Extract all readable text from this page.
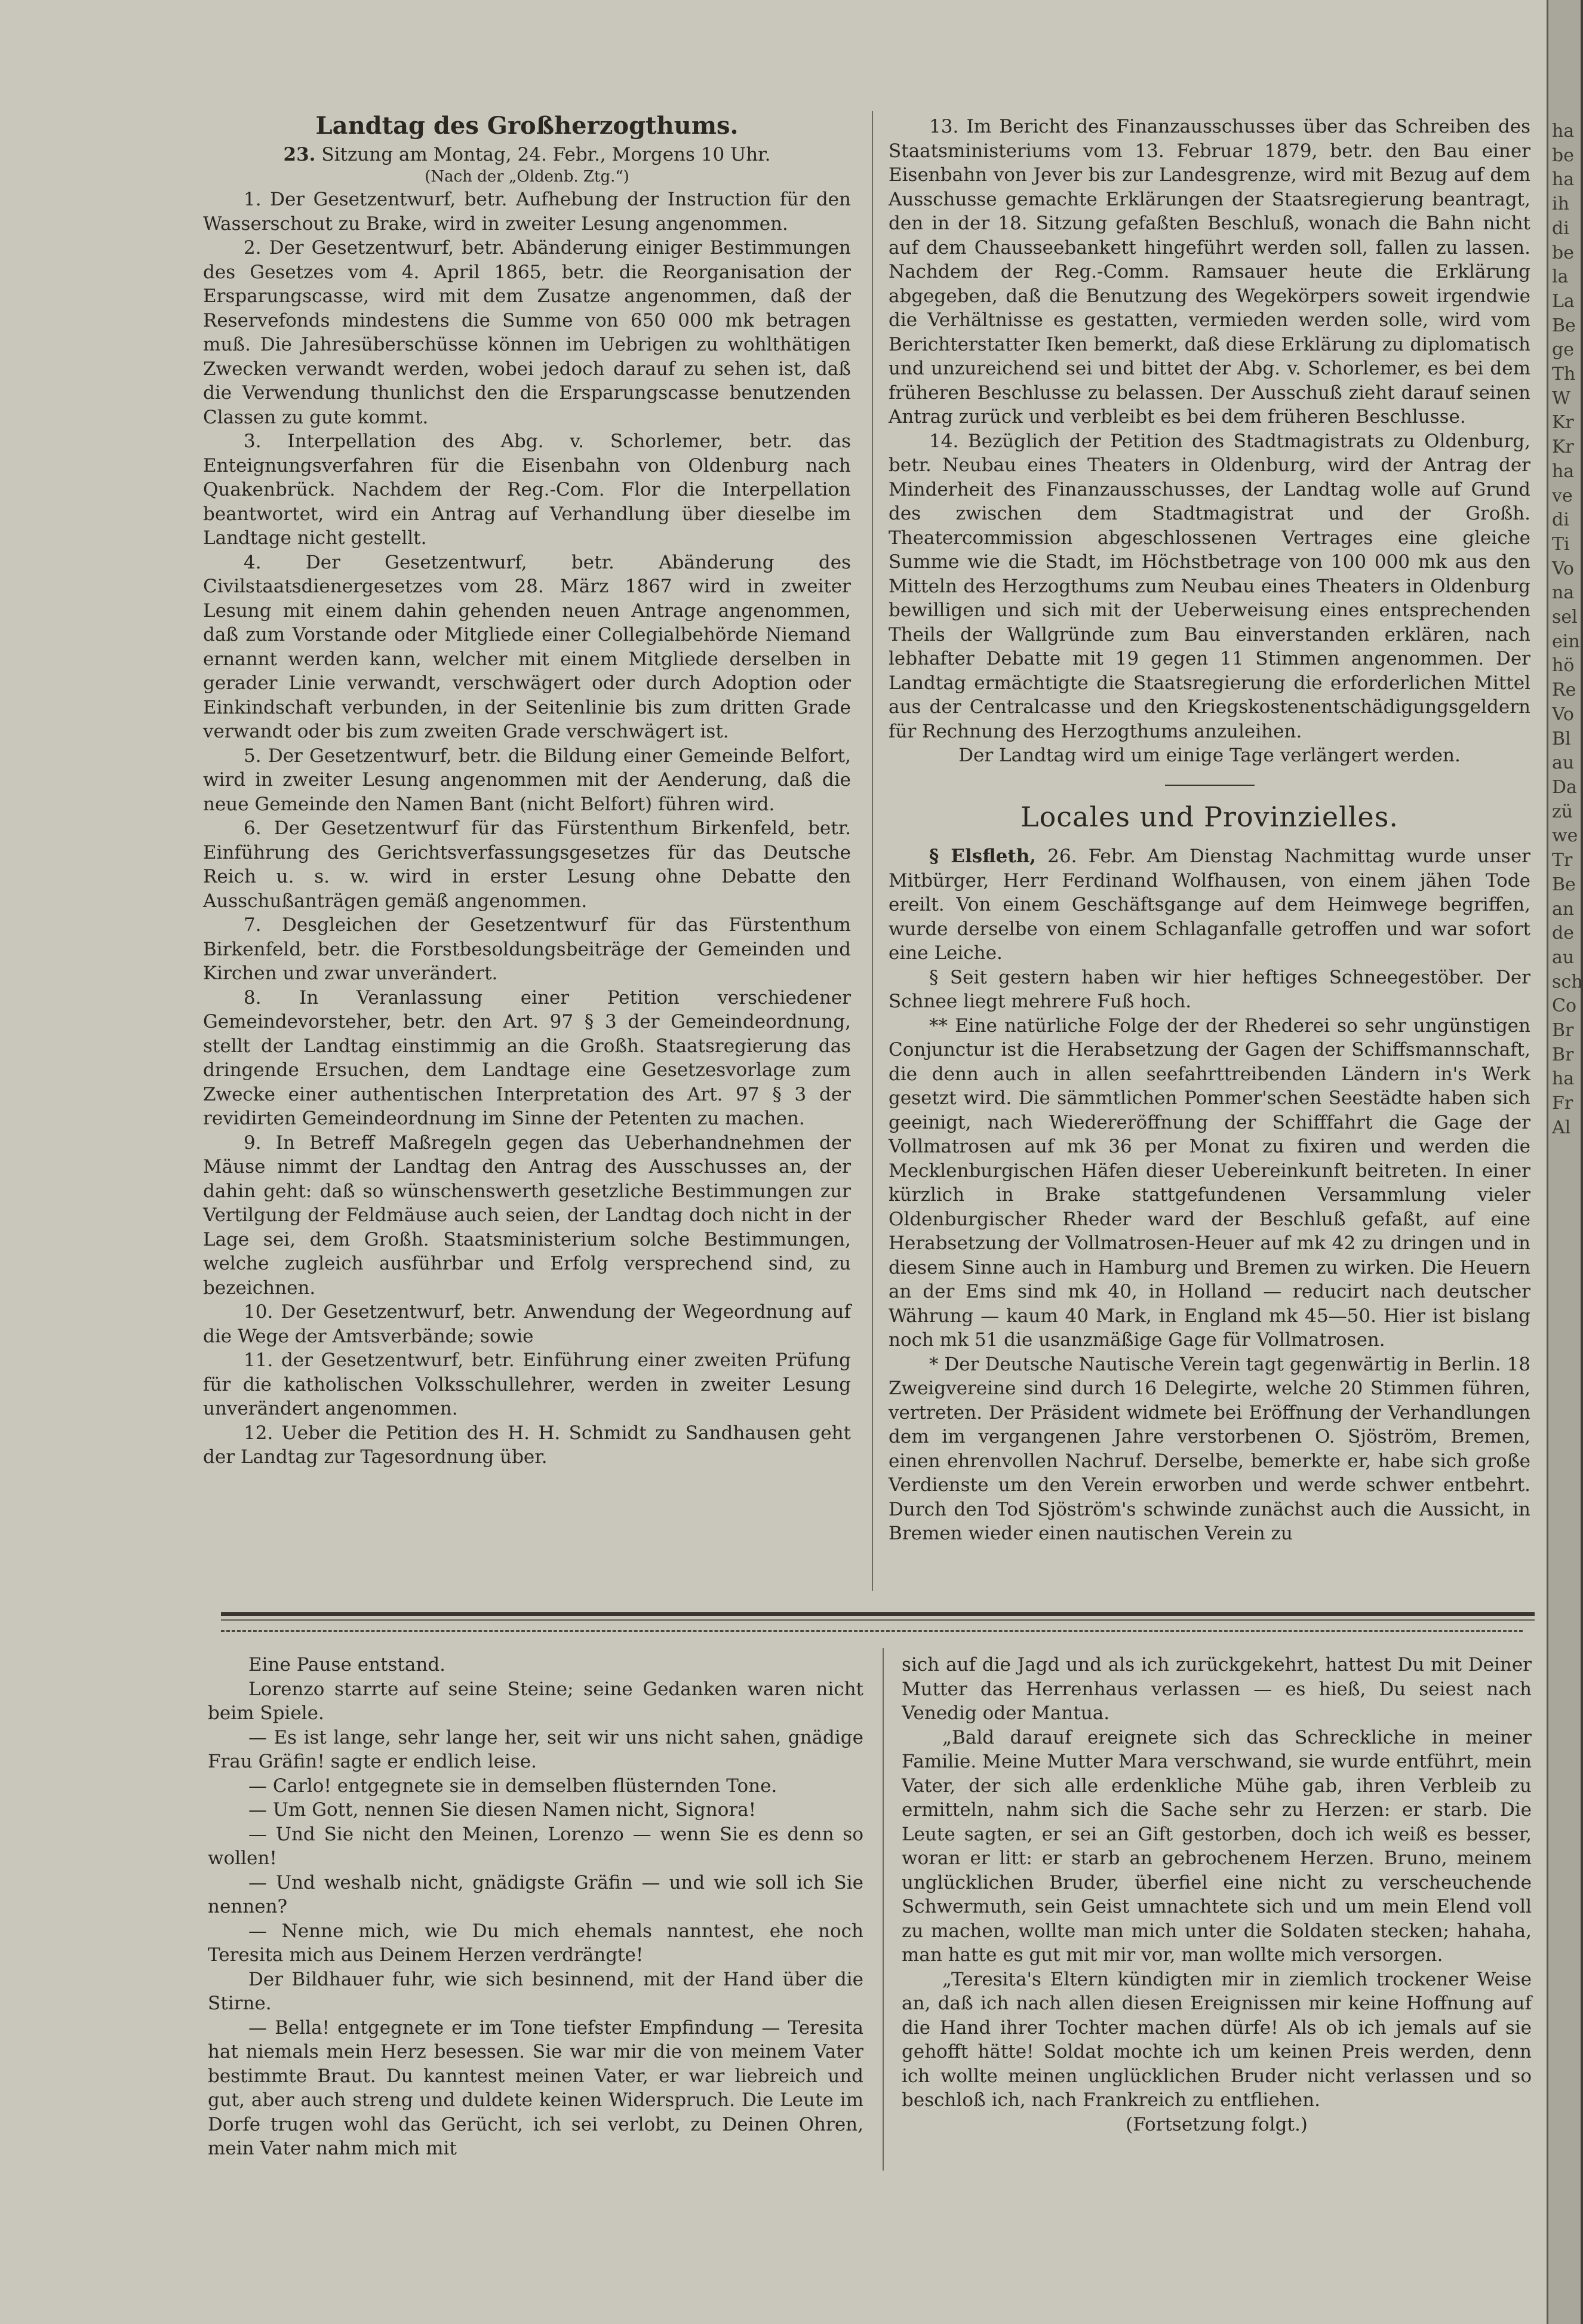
Landtag des Großherzogthums.
23. Sitzung am Montag, 24. Febr., Morgens 10 Uhr.
(Nach der „Oldenb. Ztg.“)

1. Der Gesetzentwurf, betr. Aufhebung der Instruction für den Wasserschout zu Brake, wird in zweiter Lesung angenommen.

2. Der Gesetzentwurf, betr. Abänderung einiger Bestimmungen des Gesetzes vom 4. April 1865, betr. die Reorganisation der Ersparungscasse, wird mit dem Zusatze angenommen, daß der Reservefonds mindestens die Summe von 650 000 mk betragen muß. Die Jahresüberschüsse können im Uebrigen zu wohlthätigen Zwecken verwandt werden, wobei jedoch darauf zu sehen ist, daß die Verwendung thunlichst den die Ersparungscasse benutzenden Classen zu gute kommt.

3. Interpellation des Abg. v. Schorlemer, betr. das Enteignungsverfahren für die Eisenbahn von Oldenburg nach Quakenbrück. Nachdem der Reg.-Com. Flor die Interpellation beantwortet, wird ein Antrag auf Verhandlung über dieselbe im Landtage nicht gestellt.

4. Der Gesetzentwurf, betr. Abänderung des Civilstaatsdienergesetzes vom 28. März 1867 wird in zweiter Lesung mit einem dahin gehenden neuen Antrage angenommen, daß zum Vorstande oder Mitgliede einer Collegialbehörde Niemand ernannt werden kann, welcher mit einem Mitgliede derselben in gerader Linie verwandt, verschwägert oder durch Adoption oder Einkindschaft verbunden, in der Seitenlinie bis zum dritten Grade verwandt oder bis zum zweiten Grade verschwägert ist.

5. Der Gesetzentwurf, betr. die Bildung einer Gemeinde Belfort, wird in zweiter Lesung angenommen mit der Aenderung, daß die neue Gemeinde den Namen Bant (nicht Belfort) führen wird.

6. Der Gesetzentwurf für das Fürstenthum Birkenfeld, betr. Einführung des Gerichtsverfassungsgesetzes für das Deutsche Reich u. s. w. wird in erster Lesung ohne Debatte den Ausschußanträgen gemäß angenommen.

7. Desgleichen der Gesetzentwurf für das Fürstenthum Birkenfeld, betr. die Forstbesoldungsbeiträge der Gemeinden und Kirchen und zwar unverändert.

8. In Veranlassung einer Petition verschiedener Gemeindevorsteher, betr. den Art. 97 § 3 der Gemeindeordnung, stellt der Landtag einstimmig an die Großh. Staatsregierung das dringende Ersuchen, dem Landtage eine Gesetzesvorlage zum Zwecke einer authentischen Interpretation des Art. 97 § 3 der revidirten Gemeindeordnung im Sinne der Petenten zu machen.

9. In Betreff Maßregeln gegen das Ueberhandnehmen der Mäuse nimmt der Landtag den Antrag des Ausschusses an, der dahin geht: daß so wünschenswerth gesetzliche Bestimmungen zur Vertilgung der Feldmäuse auch seien, der Landtag doch nicht in der Lage sei, dem Großh. Staatsministerium solche Bestimmungen, welche zugleich ausführbar und Erfolg versprechend sind, zu bezeichnen.

10. Der Gesetzentwurf, betr. Anwendung der Wegeordnung auf die Wege der Amtsverbände; sowie

11. der Gesetzentwurf, betr. Einführung einer zweiten Prüfung für die katholischen Volksschullehrer, werden in zweiter Lesung unverändert angenommen.

12. Ueber die Petition des H. H. Schmidt zu Sandhausen geht der Landtag zur Tagesordnung über.

13. Im Bericht des Finanzausschusses über das Schreiben des Staatsministeriums vom 13. Februar 1879, betr. den Bau einer Eisenbahn von Jever bis zur Landesgrenze, wird mit Bezug auf dem Ausschusse gemachte Erklärungen der Staatsregierung beantragt, den in der 18. Sitzung gefaßten Beschluß, wonach die Bahn nicht auf dem Chausseebankett hingeführt werden soll, fallen zu lassen. Nachdem der Reg.-Comm. Ramsauer heute die Erklärung abgegeben, daß die Benutzung des Wegekörpers soweit irgendwie die Verhältnisse es gestatten, vermieden werden solle, wird vom Berichterstatter Iken bemerkt, daß diese Erklärung zu diplomatisch und unzureichend sei und bittet der Abg. v. Schorlemer, es bei dem früheren Beschlusse zu belassen. Der Ausschuß zieht darauf seinen Antrag zurück und verbleibt es bei dem früheren Beschlusse.

14. Bezüglich der Petition des Stadtmagistrats zu Oldenburg, betr. Neubau eines Theaters in Oldenburg, wird der Antrag der Minderheit des Finanzausschusses, der Landtag wolle auf Grund des zwischen dem Stadtmagistrat und der Großh. Theatercommission abgeschlossenen Vertrages eine gleiche Summe wie die Stadt, im Höchstbetrage von 100 000 mk aus den Mitteln des Herzogthums zum Neubau eines Theaters in Oldenburg bewilligen und sich mit der Ueberweisung eines entsprechenden Theils der Wallgründe zum Bau einverstanden erklären, nach lebhafter Debatte mit 19 gegen 11 Stimmen angenommen. Der Landtag ermächtigte die Staatsregierung die erforderlichen Mittel aus der Centralcasse und den Kriegskostenentschädigungsgeldern für Rechnung des Herzogthums anzuleihen.

Der Landtag wird um einige Tage verlängert werden.

Locales und Provinzielles.

§ Elsfleth, 26. Febr. Am Dienstag Nachmittag wurde unser Mitbürger, Herr Ferdinand Wolfhausen, von einem jähen Tode ereilt. Von einem Geschäftsgange auf dem Heimwege begriffen, wurde derselbe von einem Schlaganfalle getroffen und war sofort eine Leiche.

§ Seit gestern haben wir hier heftiges Schneegestöber. Der Schnee liegt mehrere Fuß hoch.

** Eine natürliche Folge der der Rhederei so sehr ungünstigen Conjunctur ist die Herabsetzung der Gagen der Schiffsmannschaft, die denn auch in allen seefahrttreibenden Ländern in's Werk gesetzt wird. Die sämmtlichen Pommer'schen Seestädte haben sich geeinigt, nach Wiedereröffnung der Schifffahrt die Gage der Vollmatrosen auf mk 36 per Monat zu fixiren und werden die Mecklenburgischen Häfen dieser Uebereinkunft beitreten. In einer kürzlich in Brake stattgefundenen Versammlung vieler Oldenburgischer Rheder ward der Beschluß gefaßt, auf eine Herabsetzung der Vollmatrosen-Heuer auf mk 42 zu dringen und in diesem Sinne auch in Hamburg und Bremen zu wirken. Die Heuern an der Ems sind mk 40, in Holland — reducirt nach deutscher Währung — kaum 40 Mark, in England mk 45—50. Hier ist bislang noch mk 51 die usanzmäßige Gage für Vollmatrosen.

* Der Deutsche Nautische Verein tagt gegenwärtig in Berlin. 18 Zweigvereine sind durch 16 Delegirte, welche 20 Stimmen führen, vertreten. Der Präsident widmete bei Eröffnung der Verhandlungen dem im vergangenen Jahre verstorbenen O. Sjöström, Bremen, einen ehrenvollen Nachruf. Derselbe, bemerkte er, habe sich große Verdienste um den Verein erworben und werde schwer entbehrt. Durch den Tod Sjöström's schwinde zunächst auch die Aussicht, in Bremen wieder einen nautischen Verein zu

Eine Pause entstand.

Lorenzo starrte auf seine Steine; seine Gedanken waren nicht beim Spiele.

— Es ist lange, sehr lange her, seit wir uns nicht sahen, gnädige Frau Gräfin! sagte er endlich leise.

— Carlo! entgegnete sie in demselben flüsternden Tone.

— Um Gott, nennen Sie diesen Namen nicht, Signora!

— Und Sie nicht den Meinen, Lorenzo — wenn Sie es denn so wollen!

— Und weshalb nicht, gnädigste Gräfin — und wie soll ich Sie nennen?

— Nenne mich, wie Du mich ehemals nanntest, ehe noch Teresita mich aus Deinem Herzen verdrängte!

Der Bildhauer fuhr, wie sich besinnend, mit der Hand über die Stirne.

— Bella! entgegnete er im Tone tiefster Empfindung — Teresita hat niemals mein Herz besessen. Sie war mir die von meinem Vater bestimmte Braut. Du kanntest meinen Vater, er war liebreich und gut, aber auch streng und duldete keinen Widerspruch. Die Leute im Dorfe trugen wohl das Gerücht, ich sei verlobt, zu Deinen Ohren, mein Vater nahm mich mit

sich auf die Jagd und als ich zurückgekehrt, hattest Du mit Deiner Mutter das Herrenhaus verlassen — es hieß, Du seiest nach Venedig oder Mantua.

„Bald darauf ereignete sich das Schreckliche in meiner Familie. Meine Mutter Mara verschwand, sie wurde entführt, mein Vater, der sich alle erdenkliche Mühe gab, ihren Verbleib zu ermitteln, nahm sich die Sache sehr zu Herzen: er starb. Die Leute sagten, er sei an Gift gestorben, doch ich weiß es besser, woran er litt: er starb an gebrochenem Herzen. Bruno, meinem unglücklichen Bruder, überfiel eine nicht zu verscheuchende Schwermuth, sein Geist umnachtete sich und um mein Elend voll zu machen, wollte man mich unter die Soldaten stecken; hahaha, man hatte es gut mit mir vor, man wollte mich versorgen.

„Teresita's Eltern kündigten mir in ziemlich trockener Weise an, daß ich nach allen diesen Ereignissen mir keine Hoffnung auf die Hand ihrer Tochter machen dürfe! Als ob ich jemals auf sie gehofft hätte! Soldat mochte ich um keinen Preis werden, denn ich wollte meinen unglücklichen Bruder nicht verlassen und so beschloß ich, nach Frankreich zu entfliehen.

(Fortsetzung folgt.)

ha
be
ha
ih
di
be
la
La
Be
ge
Th
W
Kr
Kr
ha
ve
di
Ti
Vo
na
sel
ein
hö
Re
Vo
Bl
au
Da
zü
we
Tr
Be
an
de
au
sch
Co
Br
Br
ha
Fr
Al
